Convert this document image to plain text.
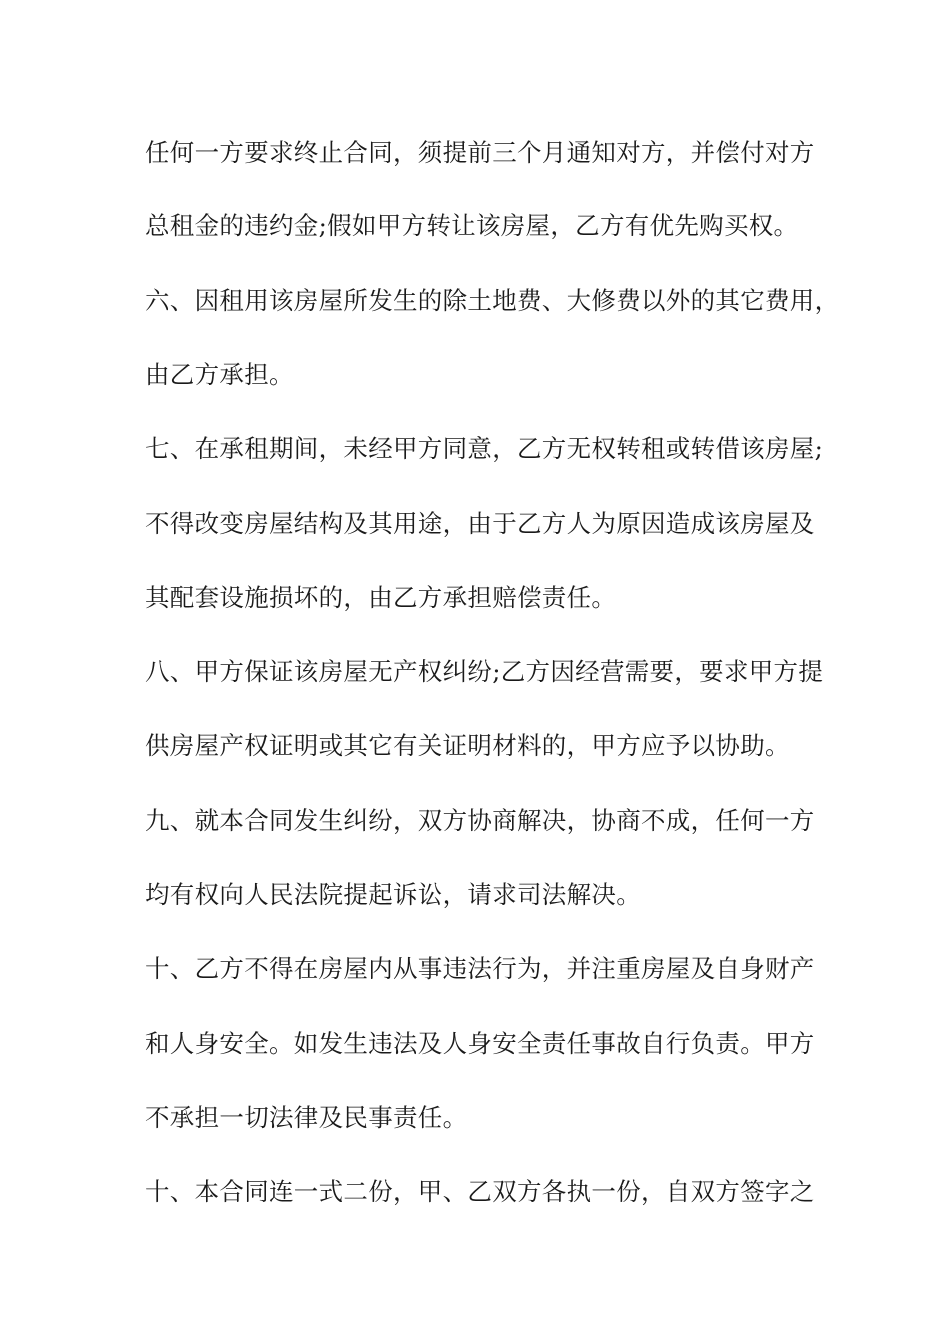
任何一方要求终止合同，须提前三个月通知对方，并偿付对方
总租金的违约金;假如甲方转让该房屋，乙方有优先购买权。
六、因租用该房屋所发生的除土地费、大修费以外的其它费用，
由乙方承担。
七、在承租期间，未经甲方同意，乙方无权转租或转借该房屋;
不得改变房屋结构及其用途，由于乙方人为原因造成该房屋及
其配套设施损坏的，由乙方承担赔偿责任。
八、甲方保证该房屋无产权纠纷;乙方因经营需要，要求甲方提
供房屋产权证明或其它有关证明材料的，甲方应予以协助。
九、就本合同发生纠纷，双方协商解决，协商不成，任何一方
均有权向人民法院提起诉讼，请求司法解决。
十、乙方不得在房屋内从事违法行为，并注重房屋及自身财产
和人身安全。如发生违法及人身安全责任事故自行负责。甲方
不承担一切法律及民事责任。
十、本合同连一式二份，甲、乙双方各执一份，自双方签字之
